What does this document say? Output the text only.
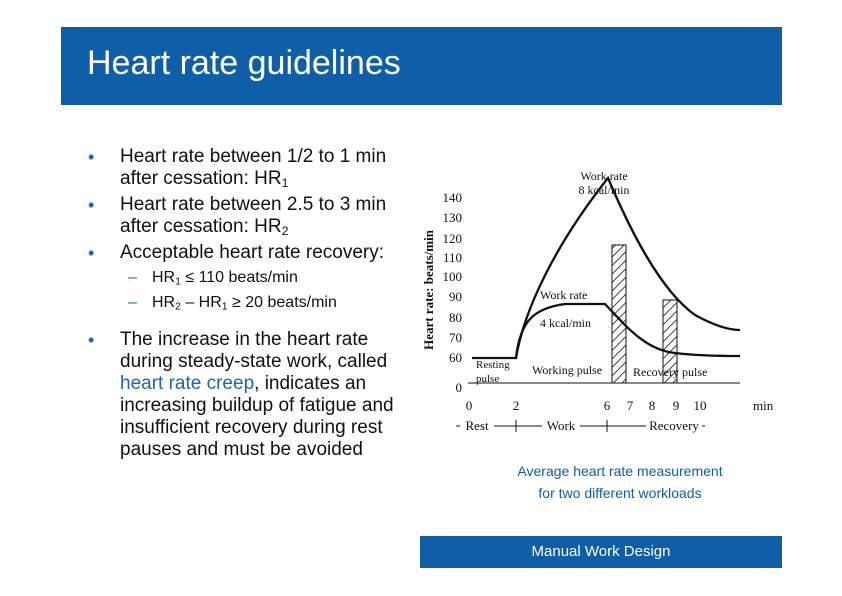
Heart rate guidelines
• Heart rate between 1/2 to 1 min after cessation: $HR_1$
• Heart rate between 2.5 to 3 min after cessation: $HR_2$
• Acceptable heart rate recovery:
– $HR_1 \le 110$ beats/min
– $HR_2 - HR_1 \ge 20$ beats/min
• The increase in the heart rate during steady-state work, called heart rate creep, indicates an increasing buildup of fatigue and insufficient recovery during rest pauses and must be avoided
Heart rate: beats/min
140
130
120
110
100
90
80
70
60
0
Work rate
8 kcal/min
Work rate
4 kcal/min
Resting
pulse
Working pulse	Recovery pulse
0	2	6 7 8 9 10	min
Rest	Work	Recovery
Average heart rate measurement
for two different workloads
Manual Work Design
